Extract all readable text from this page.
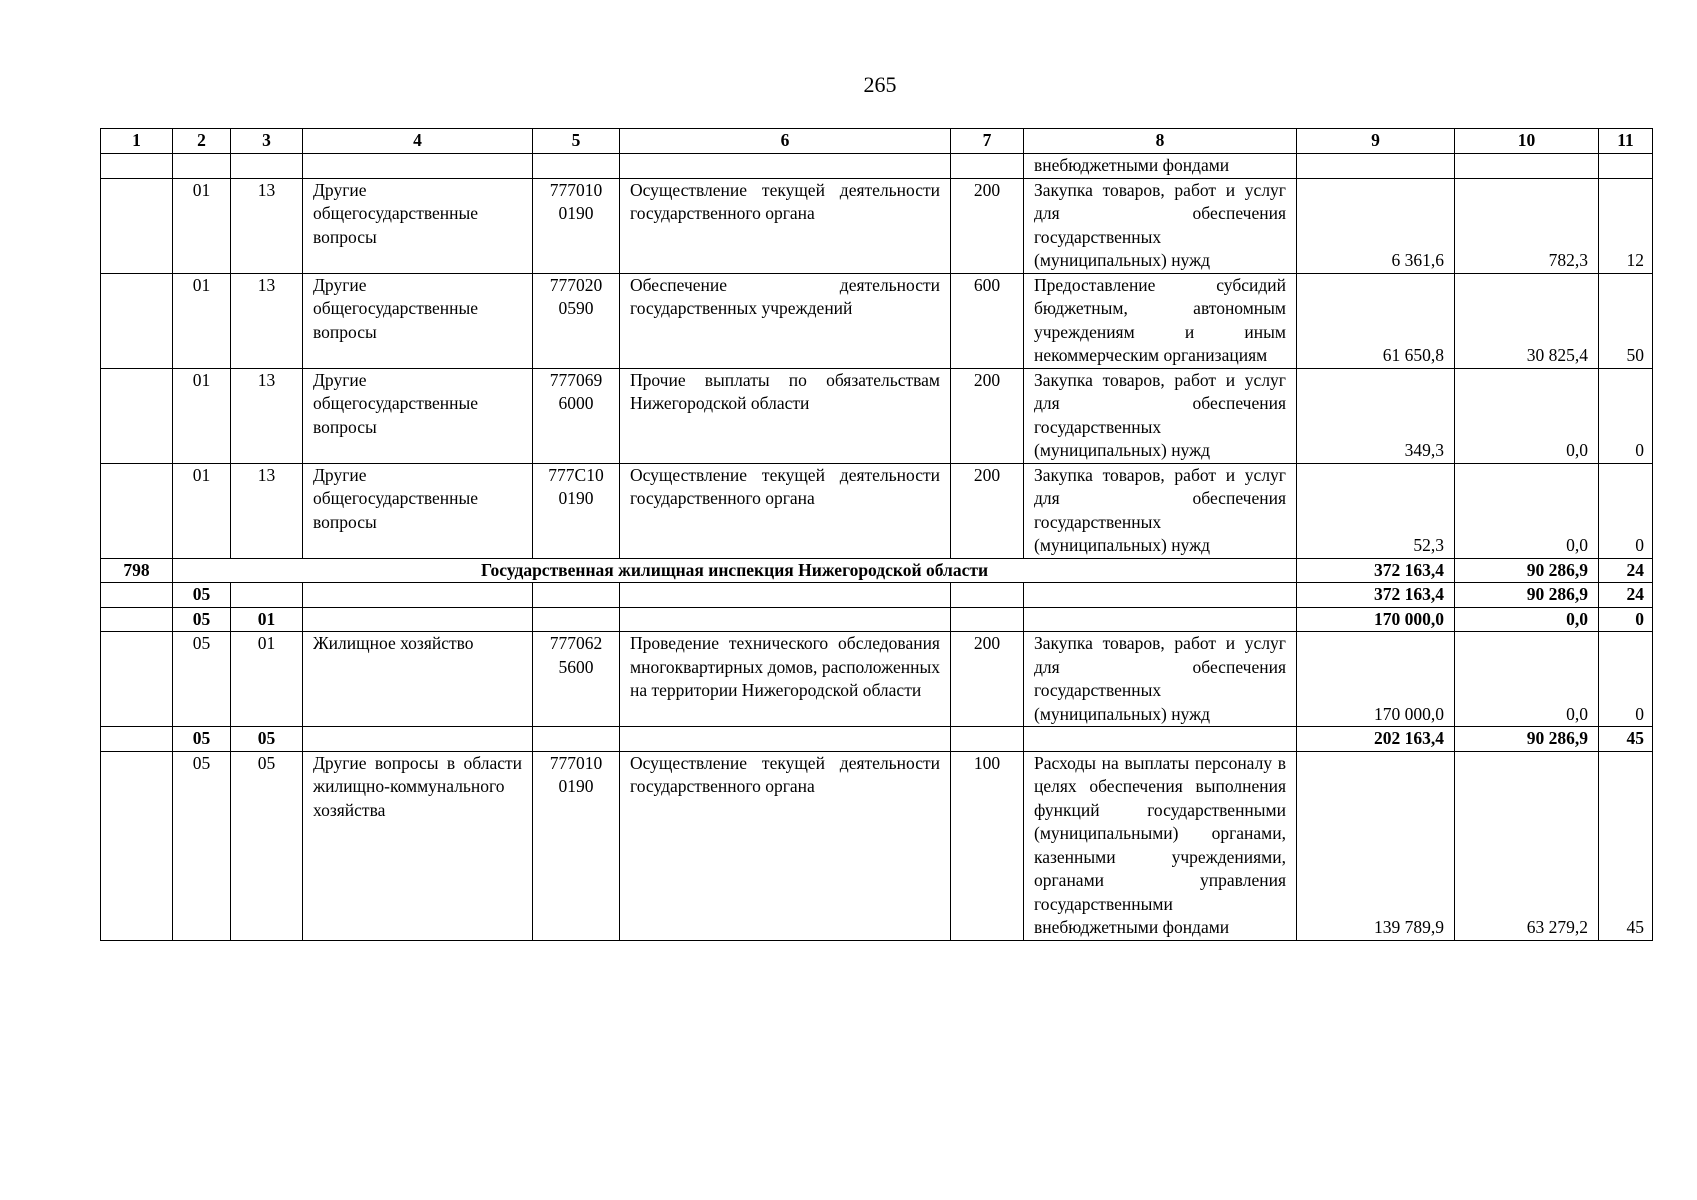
265
1	2	3	4	5	6	7	8	9	10	11
							внебюджетными фондами			
	01	13	Другие общегосударственные вопросы	777010 0190	Осуществление текущей деятельности государственного органа	200	Закупка товаров, работ и услуг для обеспечения государственных (муниципальных) нужд	6 361,6	782,3	12
	01	13	Другие общегосударственные вопросы	777020 0590	Обеспечение деятельности государственных учреждений	600	Предоставление субсидий бюджетным, автономным учреждениям и иным некоммерческим организациям	61 650,8	30 825,4	50
	01	13	Другие общегосударственные вопросы	777069 6000	Прочие выплаты по обязательствам Нижегородской области	200	Закупка товаров, работ и услуг для обеспечения государственных (муниципальных) нужд	349,3	0,0	0
	01	13	Другие общегосударственные вопросы	777С10 0190	Осуществление текущей деятельности государственного органа	200	Закупка товаров, работ и услуг для обеспечения государственных (муниципальных) нужд	52,3	0,0	0
798	Государственная жилищная инспекция Нижегородской области							372 163,4	90 286,9	24
	05							372 163,4	90 286,9	24
	05	01						170 000,0	0,0	0
	05	01	Жилищное хозяйство	777062 5600	Проведение технического обследования многоквартирных домов, расположенных на территории Нижегородской области	200	Закупка товаров, работ и услуг для обеспечения государственных (муниципальных) нужд	170 000,0	0,0	0
	05	05						202 163,4	90 286,9	45
	05	05	Другие вопросы в области жилищно-коммунального хозяйства	777010 0190	Осуществление текущей деятельности государственного органа	100	Расходы на выплаты персоналу в целях обеспечения выполнения функций государственными (муниципальными) органами, казенными учреждениями, органами управления государственными внебюджетными фондами	139 789,9	63 279,2	45
